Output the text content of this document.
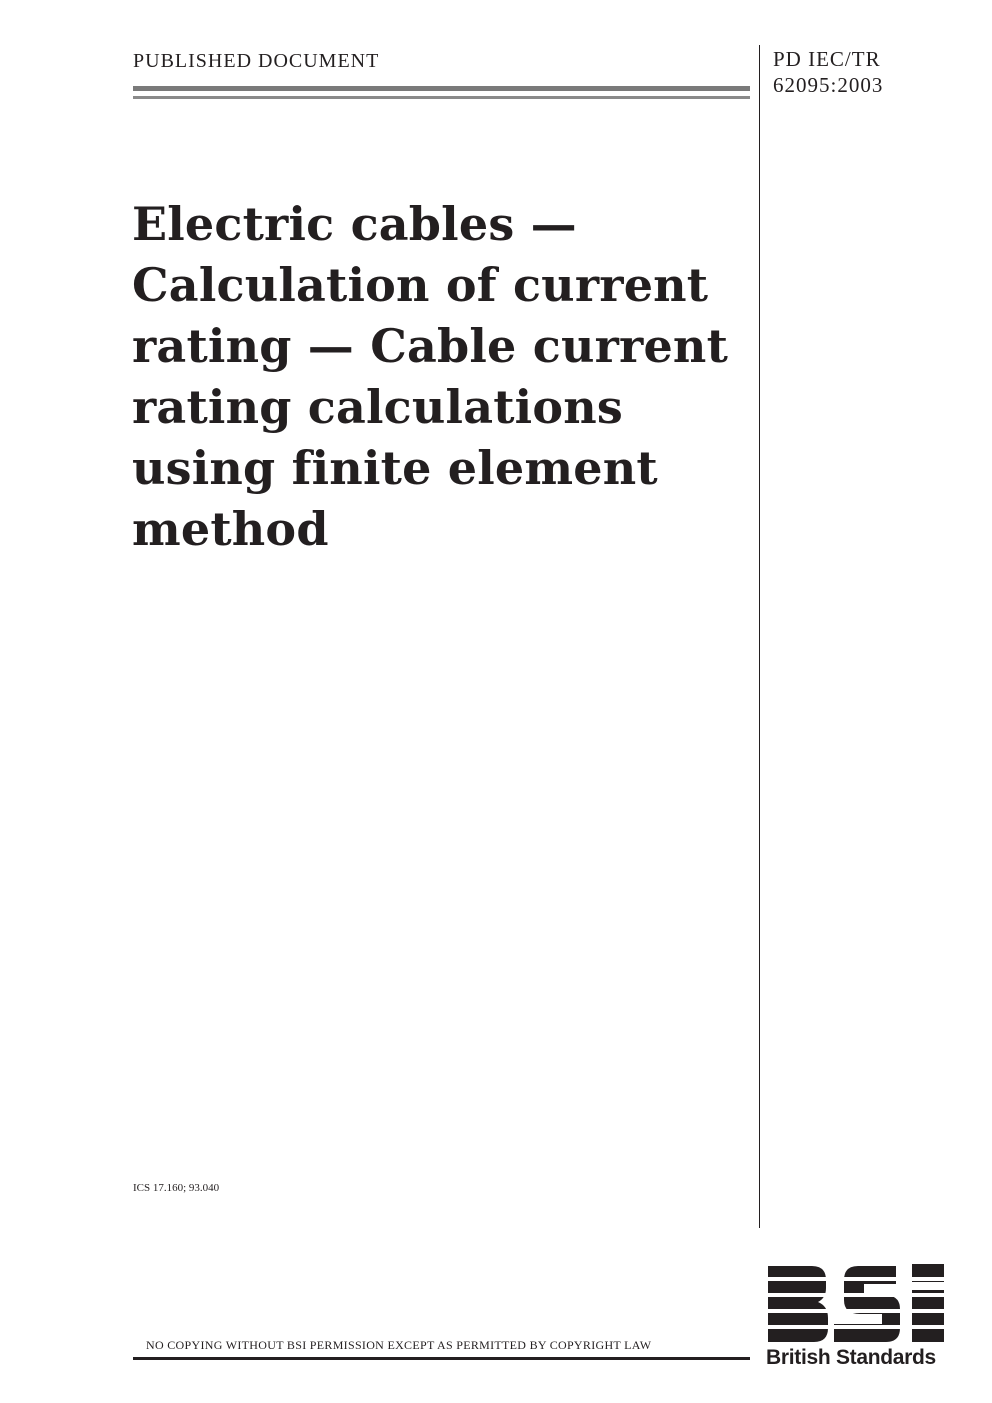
PUBLISHED DOCUMENT	PD IEC/TR
62095:2003
Electric cables —
Calculation of current
rating — Cable current
rating calculations
using finite element
method
ICS 17.160; 93.040
NO COPYING WITHOUT BSI PERMISSION EXCEPT AS PERMITTED BY COPYRIGHT LAW
British Standards
